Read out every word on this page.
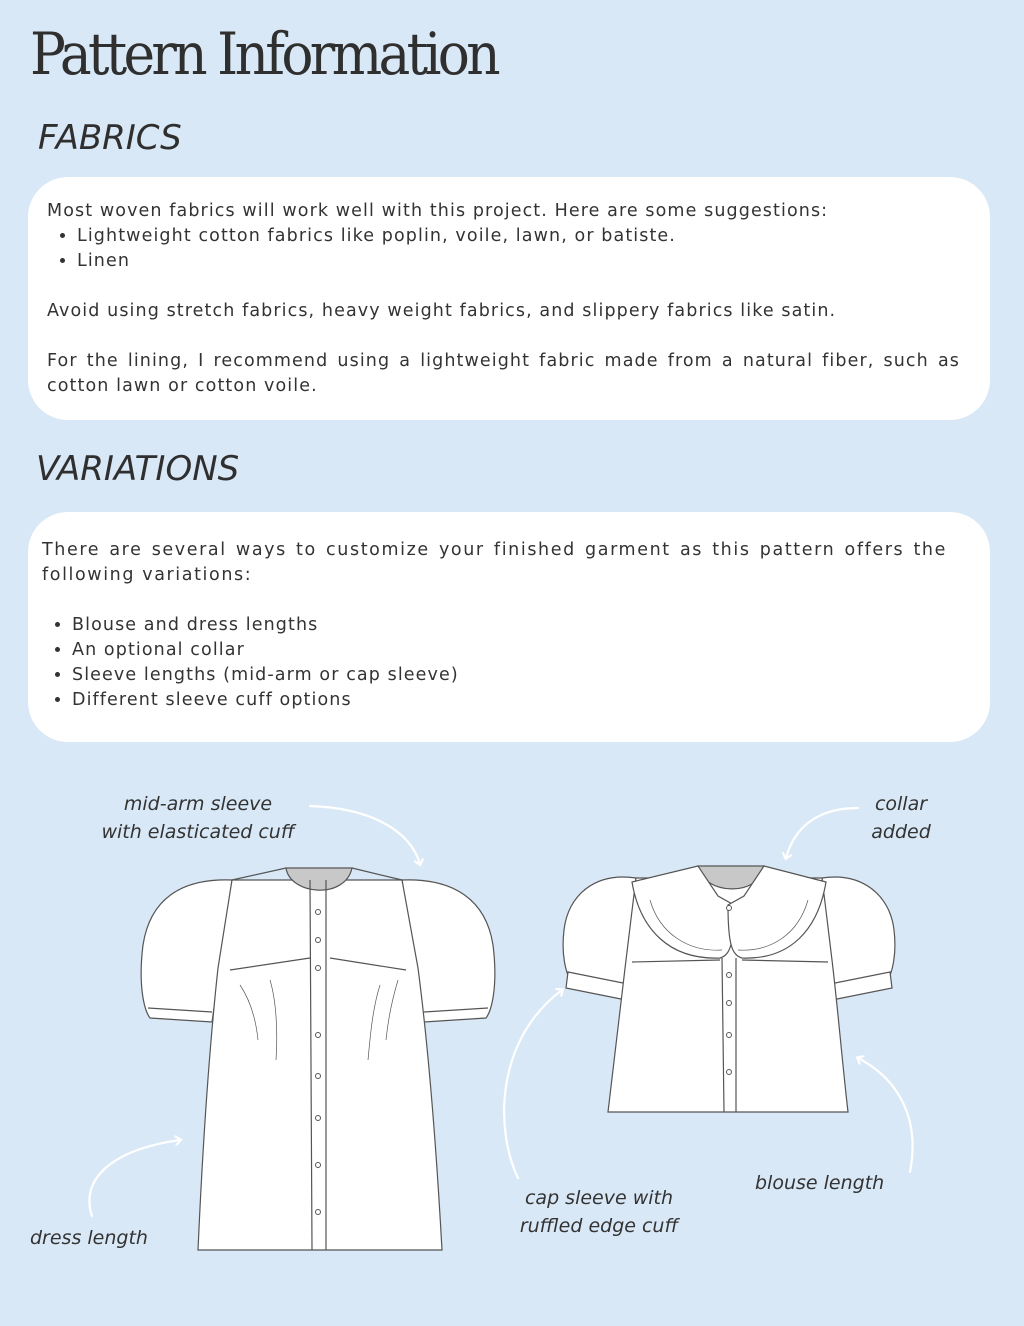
Pattern Information
FABRICS

Most woven fabrics will work well with this project. Here are some suggestions:

• Lightweight cotton fabrics like poplin, voile, lawn, or batiste.
• Linen

Avoid using stretch fabrics, heavy weight fabrics, and slippery fabrics like satin.

For the lining, I recommend using a lightweight fabric made from a natural fiber, such as cotton lawn or cotton voile.

VARIATIONS

There are several ways to customize your finished garment as this pattern offers the following variations:

• Blouse and dress lengths
• An optional collar
• Sleeve lengths (mid-arm or cap sleeve)
• Different sleeve cuff options
mid-arm sleeve
with elasticated cuff
collar
added
dress length
cap sleeve with
ruffled edge cuff
blouse length
